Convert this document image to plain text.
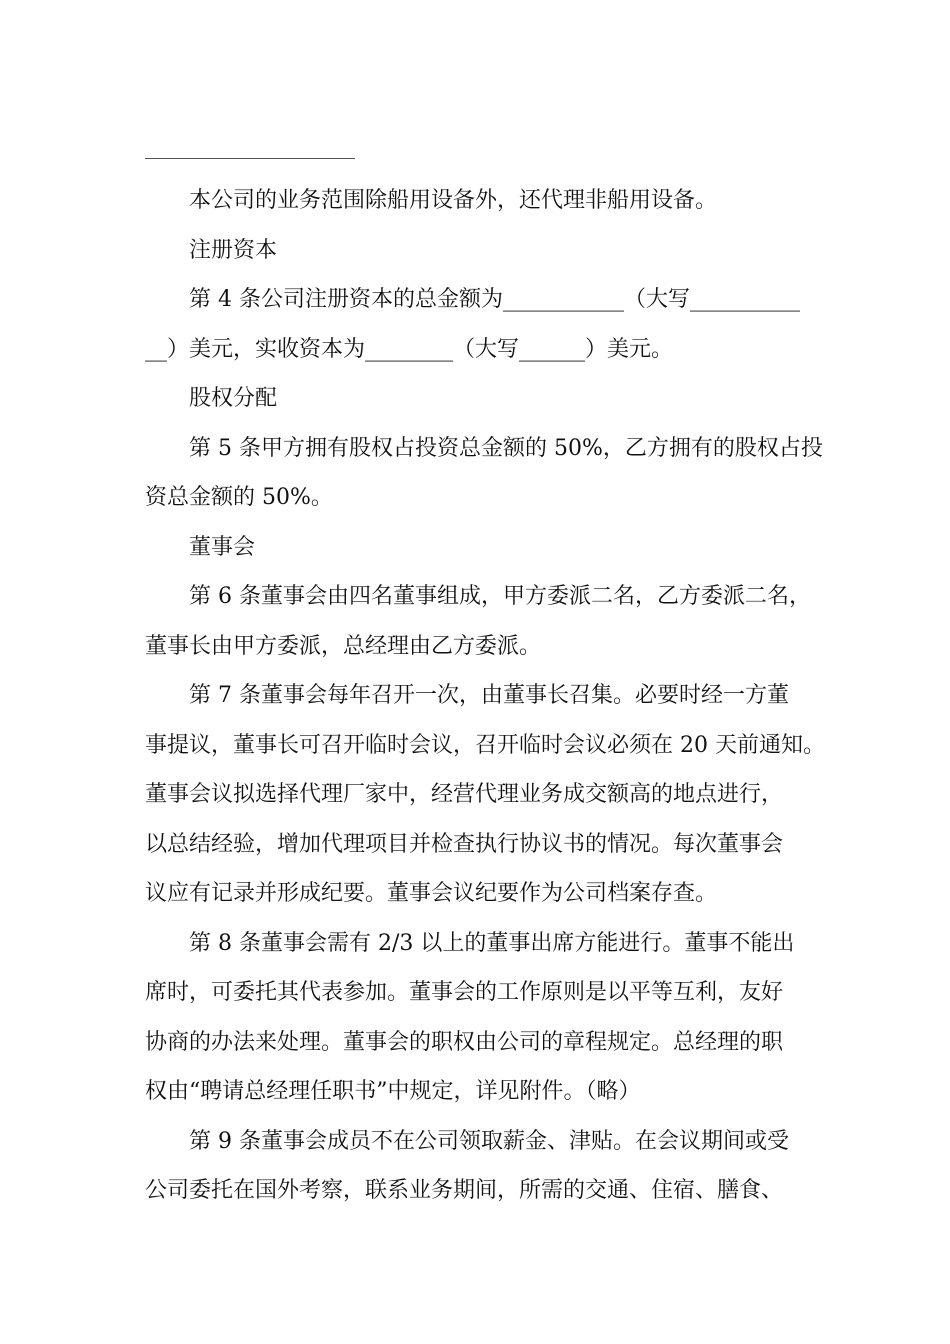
本公司的业务范围除船用设备外，还代理非船用设备。

注册资本

第 4 条公司注册资本的总金额为___________（大写__________

__）美元，实收资本为________（大写______）美元。

股权分配

第 5 条甲方拥有股权占投资总金额的 50%，乙方拥有的股权占投

资总金额的 50%。

董事会

第 6 条董事会由四名董事组成，甲方委派二名，乙方委派二名，

董事长由甲方委派，总经理由乙方委派。

第 7 条董事会每年召开一次，由董事长召集。必要时经一方董

事提议，董事长可召开临时会议，召开临时会议必须在 20 天前通知。

董事会议拟选择代理厂家中，经营代理业务成交额高的地点进行，

以总结经验，增加代理项目并检查执行协议书的情况。每次董事会

议应有记录并形成纪要。董事会议纪要作为公司档案存查。

第 8 条董事会需有 2/3 以上的董事出席方能进行。董事不能出

席时，可委托其代表参加。董事会的工作原则是以平等互利，友好

协商的办法来处理。董事会的职权由公司的章程规定。总经理的职

权由“聘请总经理任职书”中规定，详见附件。（略）

第 9 条董事会成员不在公司领取薪金、津贴。在会议期间或受

公司委托在国外考察，联系业务期间，所需的交通、住宿、膳食、
